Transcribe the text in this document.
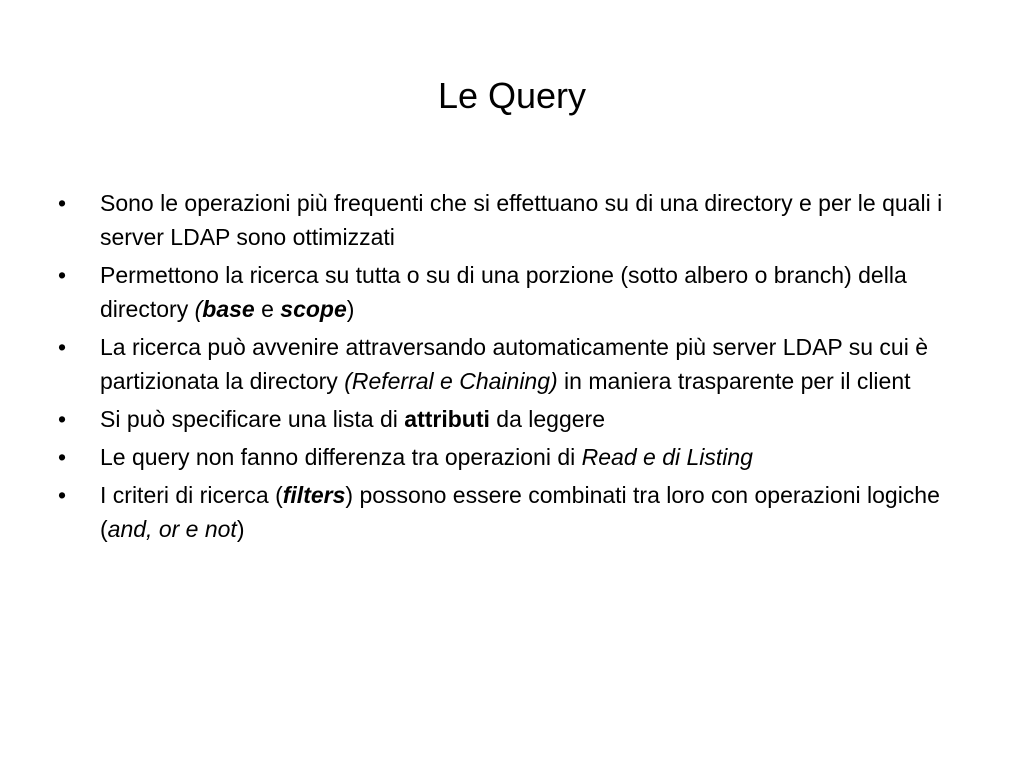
Le Query
•	Sono le operazioni più frequenti che si effettuano su di una directory e per le quali i server LDAP sono ottimizzati
•	Permettono la ricerca su tutta o su di una porzione (sotto albero o branch) della directory (base e scope)
•	La ricerca può avvenire attraversando automaticamente più server LDAP su cui è partizionata la directory (Referral e Chaining) in maniera trasparente per il client
•	Si può specificare una lista di attributi da leggere
•	Le query non fanno differenza tra operazioni di Read e di Listing
•	I criteri di ricerca (filters) possono essere combinati tra loro con operazioni logiche (and, or e not)
